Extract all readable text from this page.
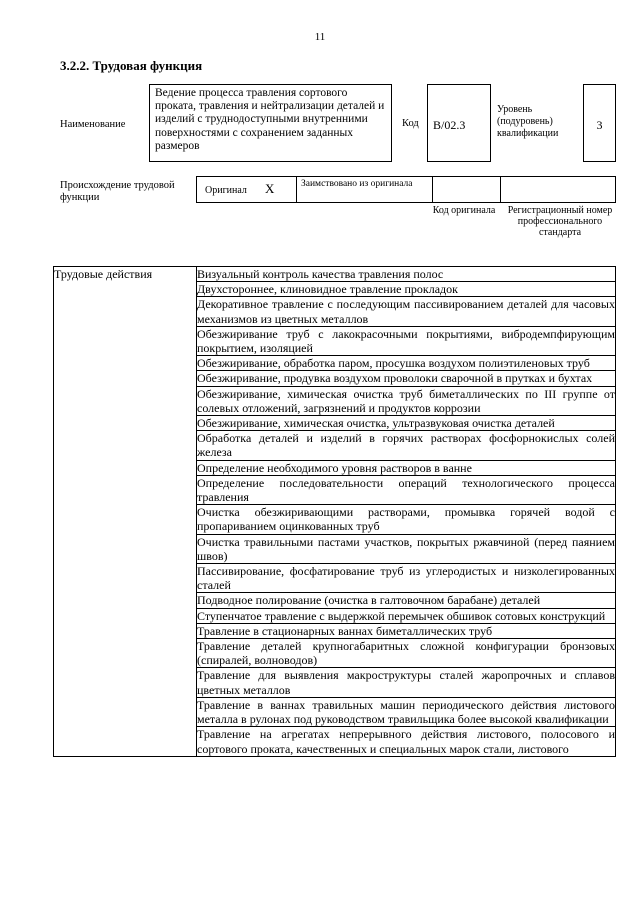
11
3.2.2. Трудовая функция
Наименование
Ведение процесса травления сортового проката, травления и нейтрализации деталей и изделий с труднодоступными внутренними поверхностями с сохранением заданных размеров
Код	B/02.3
Уровень (подуровень) квалификации
3
Происхождение трудовой функции
Оригинал X	Заимствовано из оригинала
Код оригинала	Регистрационный номер профессионального стандарта
Трудовые действия	Визуальный контроль качества травления полос
Двухстороннее, клиновидное травление прокладок
Декоративное травление с последующим пассивированием деталей для часовых механизмов из цветных металлов
Обезжиривание труб с лакокрасочными покрытиями, вибродемпфирующим покрытием, изоляцией
Обезжиривание, обработка паром, просушка воздухом полиэтиленовых труб
Обезжиривание, продувка воздухом проволоки сварочной в прутках и бухтах
Обезжиривание, химическая очистка труб биметаллических по III группе от солевых отложений, загрязнений и продуктов коррозии
Обезжиривание, химическая очистка, ультразвуковая очистка деталей
Обработка деталей и изделий в горячих растворах фосфорнокислых солей железа
Определение необходимого уровня растворов в ванне
Определение последовательности операций технологического процесса травления
Очистка обезжиривающими растворами, промывка горячей водой с пропариванием оцинкованных труб
Очистка травильными пастами участков, покрытых ржавчиной (перед паянием швов)
Пассивирование, фосфатирование труб из углеродистых и низколегированных сталей
Подводное полирование (очистка в галтовочном барабане) деталей
Ступенчатое травление с выдержкой перемычек обшивок сотовых конструкций
Травление в стационарных ваннах биметаллических труб
Травление деталей крупногабаритных сложной конфигурации бронзовых (спиралей, волноводов)
Травление для выявления макроструктуры сталей жаропрочных и сплавов цветных металлов
Травление в ваннах травильных машин периодического действия листового металла в рулонах под руководством травильщика более высокой квалификации
Травление на агрегатах непрерывного действия листового, полосового и сортового проката, качественных и специальных марок стали, листового
